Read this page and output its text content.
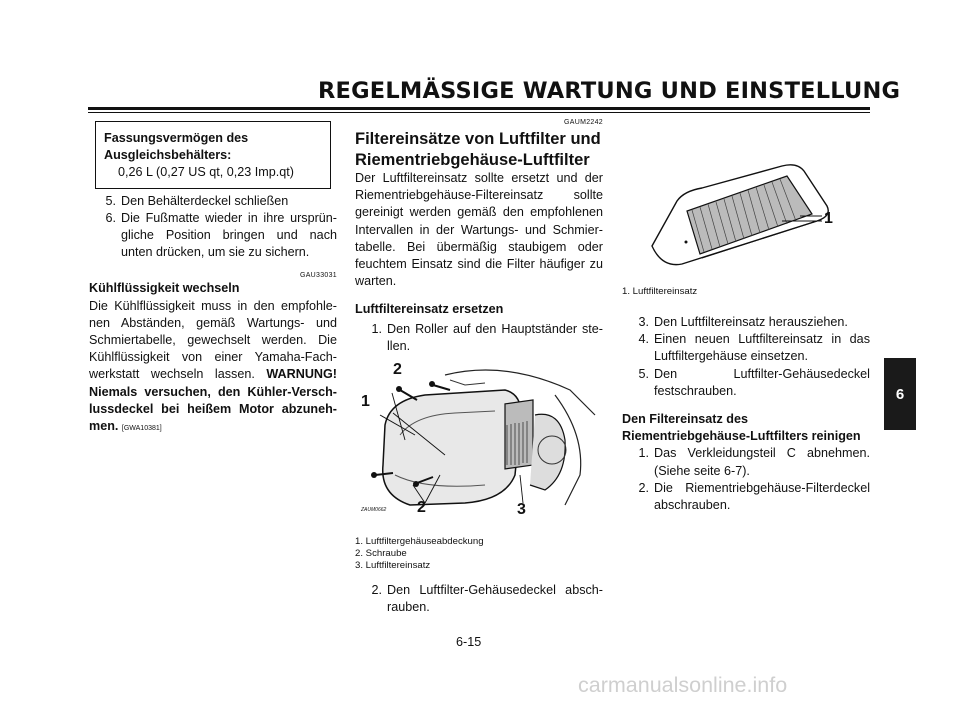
REGELMÄSSIGE WARTUNG UND EINSTELLUNG
6
Fassungsvermögen des Ausgleichsbehälters:
0,26 L (0,27 US qt, 0,23 Imp.qt)
5. Den Behälterdeckel schließen
6. Die Fußmatte wieder in ihre ursprüngliche Position bringen und nach unten drücken, um sie zu sichern.
GAU33031
Kühlflüssigkeit wechseln
Die Kühlflüssigkeit muss in den empfohlenen Abständen, gemäß Wartungs- und Schmiertabelle, gewechselt werden. Die Kühlflüssigkeit von einer Yamaha-Fachwerkstatt wechseln lassen. WARNUNG! Niemals versuchen, den Kühler-Verschlussdeckel bei heißem Motor abzunehmen. [GWA10381]
GAUM2242
Filtereinsätze von Luftfilter und Riementriebgehäuse-Luftfilter
Der Luftfiltereinsatz sollte ersetzt und der Riementriebgehäuse-Filtereinsatz sollte gereinigt werden gemäß den empfohlenen Intervallen in der Wartungs- und Schmiertabelle. Bei übermäßig staubigem oder feuchtem Einsatz sind die Filter häufiger zu warten.
Luftfiltereinsatz ersetzen
1. Den Roller auf den Hauptständer stellen.
2
1
2	3
ZAUM0662
1. Luftfiltergehäuseabdeckung
2. Schraube
3. Luftfiltereinsatz
2. Den Luftfilter-Gehäusedeckel abschrauben.
1
1. Luftfiltereinsatz
3. Den Luftfiltereinsatz herausziehen.
4. Einen neuen Luftfiltereinsatz in das Luftfiltergehäuse einsetzen.
5. Den Luftfilter-Gehäusedeckel festschrauben.
Den Filtereinsatz des Riementriebgehäuse-Luftfilters reinigen
1. Das Verkleidungsteil C abnehmen. (Siehe seite 6-7).
2. Die Riementriebgehäuse-Filterdeckel abschrauben.
6-15
carmanualsonline.info
